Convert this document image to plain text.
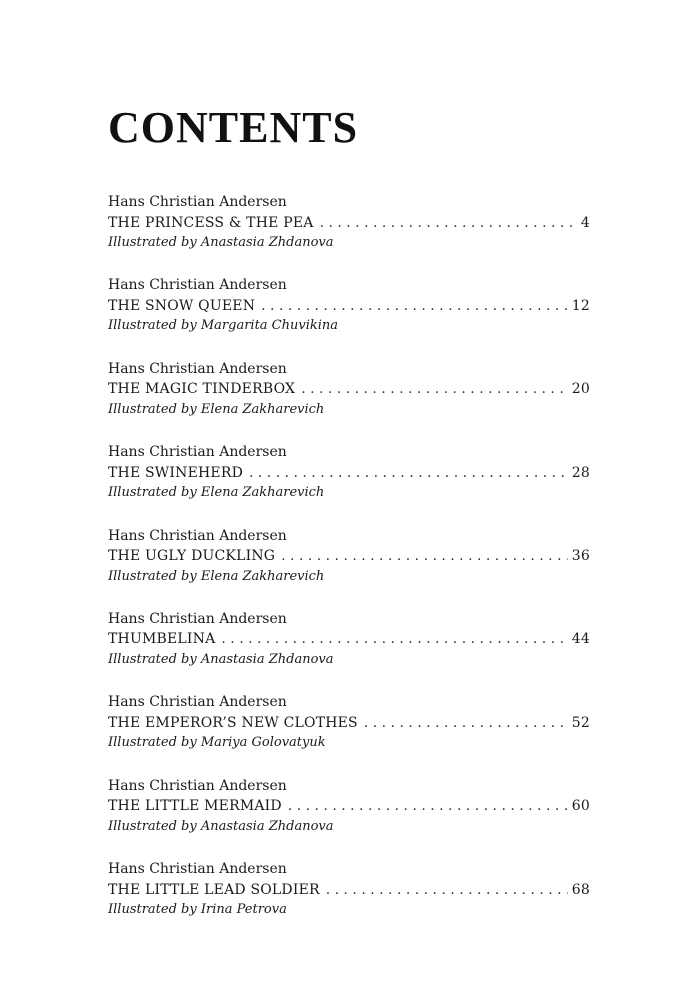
CONTENTS
Hans Christian Andersen
THE PRINCESS & THE PEA . . .	4
Illustrated by Anastasia Zhdanova
Hans Christian Andersen
THE SNOW QUEEN . . .	12
Illustrated by Margarita Chuvikina
Hans Christian Andersen
THE MAGIC TINDERBOX . . .	20
Illustrated by Elena Zakharevich
Hans Christian Andersen
THE SWINEHERD . . .	28
Illustrated by Elena Zakharevich
Hans Christian Andersen
THE UGLY DUCKLING . . .	36
Illustrated by Elena Zakharevich
Hans Christian Andersen
THUMBELINA . . .	44
Illustrated by Anastasia Zhdanova
Hans Christian Andersen
THE EMPEROR’S NEW CLOTHES . . .	52
Illustrated by Mariya Golovatyuk
Hans Christian Andersen
THE LITTLE MERMAID . . .	60
Illustrated by Anastasia Zhdanova
Hans Christian Andersen
THE LITTLE LEAD SOLDIER . . .	68
Illustrated by Irina Petrova
